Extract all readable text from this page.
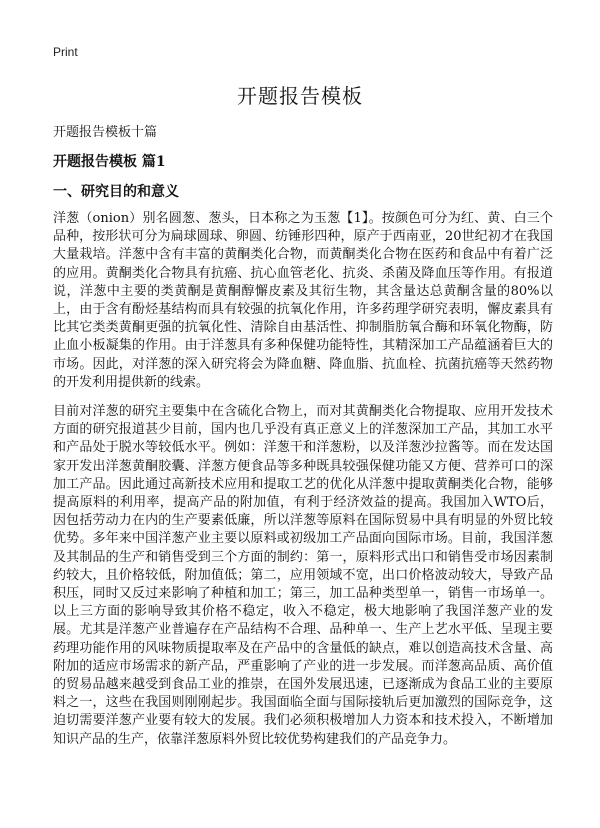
Print
开题报告模板

开题报告模板十篇

开题报告模板 篇1
一、研究目的和意义

洋葱（onion）别名圆葱、葱头，日本称之为玉葱【1】。按颜色可分为红、黄、白三个品种，按形状可分为扁球圆球、卵圆、纺锤形四种，原产于西南亚，20世纪初才在我国大量栽培。洋葱中含有丰富的黄酮类化合物，而黄酮类化合物在医药和食品中有着广泛的应用。黄酮类化合物具有抗癌、抗心血管老化、抗炎、杀菌及降血压等作用。有报道说，洋葱中主要的类黄酮是黄酮醇懈皮素及其衍生物，其含量达总黄酮含量的80%以上，由于含有酚烃基结构而具有较强的抗氧化作用，许多药理学研究表明，懈皮素具有比其它类类黄酮更强的抗氧化性、清除自由基活性、抑制脂肪氧合酶和环氧化物酶，防止血小板凝集的作用。由于洋葱具有多种保健功能特性，其精深加工产品蕴涵着巨大的市场。因此，对洋葱的深入研究将会为降血糖、降血脂、抗血栓、抗菌抗癌等天然药物的开发利用提供新的线索。

目前对洋葱的研究主要集中在含硫化合物上，而对其黄酮类化合物提取、应用开发技术方面的研究报道甚少目前，国内也几乎没有真正意义上的洋葱深加工产品，其加工水平和产品处于脱水等较低水平。例如：洋葱干和洋葱粉，以及洋葱沙拉酱等。而在发达国家开发出洋葱黄酮胶囊、洋葱方便食品等多种既具较强保健功能又方便、营养可口的深加工产品。因此通过高新技术应用和提取工艺的优化从洋葱中提取黄酮类化合物，能够提高原料的利用率，提高产品的附加值，有利于经济效益的提高。我国加入WTO后，因包括劳动力在内的生产要素低廉，所以洋葱等原料在国际贸易中具有明显的外贸比较优势。多年来中国洋葱产业主要以原料或初级加工产品面向国际市场。目前，我国洋葱及其制品的生产和销售受到三个方面的制约：第一，原料形式出口和销售受市场因素制约较大，且价格较低，附加值低；第二，应用领域不宽，出口价格波动较大，导致产品积压，同时又反过来影响了种植和加工；第三，加工品种类型单一，销售一市场单一。以上三方面的影响导致其价格不稳定，收入不稳定，极大地影响了我国洋葱产业的发展。尤其是洋葱产业普遍存在产品结构不合理、品种单一、生产上艺水平低、呈现主要药理功能作用的风味物质提取率及在产品中的含量低的缺点，难以创造高技术含量、高附加的适应市场需求的新产品，严重影响了产业的进一步发展。而洋葱高品质、高价值的贸易品越来越受到食品工业的推崇，在国外发展迅速，已逐渐成为食品工业的主要原料之一，这些在我国则刚刚起步。我国面临全面与国际接轨后更加激烈的国际竞争，这迫切需要洋葱产业要有较大的发展。我们必须积极增加人力资本和技术投入，不断增加知识产品的生产，依靠洋葱原料外贸比较优势构建我们的产品竞争力。
